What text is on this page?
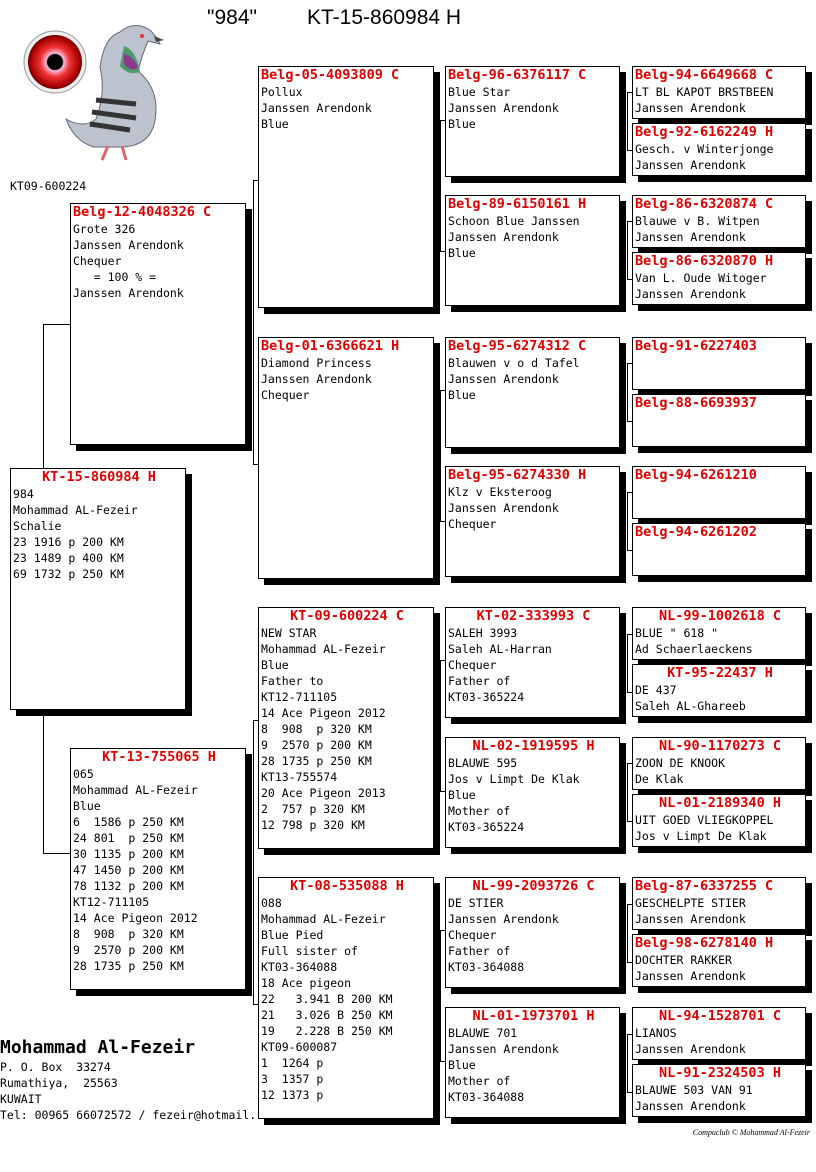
"984" KT-15-860984 H
KT09-600224
KT-15-860984 H
984
Mohammad AL-Fezeir
Schalie
23 1916 p 200 KM
23 1489 p 400 KM
69 1732 p 250 KM
Belg-12-4048326 C
Grote 326
Janssen Arendonk
Chequer
= 100 % =
Janssen Arendonk
KT-13-755065 H
065
Mohammad AL-Fezeir
Blue
6  1586 p 250 KM
24 801  p 250 KM
30 1135 p 200 KM
47 1450 p 200 KM
78 1132 p 200 KM
KT12-711105
14 Ace Pigeon 2012
8  908  p 320 KM
9  2570 p 200 KM
28 1735 p 250 KM
Belg-05-4093809 C
Pollux
Janssen Arendonk
Blue
Belg-01-6366621 H
Diamond Princess
Janssen Arendonk
Chequer
KT-09-600224 C
NEW STAR
Mohammad AL-Fezeir
Blue
Father to
KT12-711105
14 Ace Pigeon 2012
8  908  p 320 KM
9  2570 p 200 KM
28 1735 p 250 KM
KT13-755574
20 Ace Pigeon 2013
2  757 p 320 KM
12 798 p 320 KM
KT-08-535088 H
088
Mohammad AL-Fezeir
Blue Pied
Full sister of
KT03-364088
18 Ace pigeon
22   3.941 B 200 KM
21   3.026 B 250 KM
19   2.228 B 250 KM
KT09-600087
1  1264 p
3  1357 p
12 1373 p
Belg-96-6376117 C
Blue Star
Janssen Arendonk
Blue
Belg-89-6150161 H
Schoon Blue Janssen
Janssen Arendonk
Blue
Belg-95-6274312 C
Blauwen v o d Tafel
Janssen Arendonk
Blue
Belg-95-6274330 H
Klz v Eksteroog
Janssen Arendonk
Chequer
KT-02-333993 C
SALEH 3993
Saleh AL-Harran
Chequer
Father of
KT03-365224
NL-02-1919595 H
BLAUWE 595
Jos v Limpt De Klak
Blue
Mother of
KT03-365224
NL-99-2093726 C
DE STIER
Janssen Arendonk
Chequer
Father of
KT03-364088
NL-01-1973701 H
BLAUWE 701
Janssen Arendonk
Blue
Mother of
KT03-364088
Belg-94-6649668 C
LT BL KAPOT BRSTBEEN
Janssen Arendonk
Belg-92-6162249 H
Gesch. v Winterjonge
Janssen Arendonk
Belg-86-6320874 C
Blauwe v B. Witpen
Janssen Arendonk
Belg-86-6320870 H
Van L. Oude Witoger
Janssen Arendonk
Belg-91-6227403
Belg-88-6693937
Belg-94-6261210
Belg-94-6261202
NL-99-1002618 C
BLUE " 618 "
Ad Schaerlaeckens
KT-95-22437 H
DE 437
Saleh AL-Ghareeb
NL-90-1170273 C
ZOON DE KNOOK
De Klak
NL-01-2189340 H
UIT GOED VLIEGKOPPEL
Jos v Limpt De Klak
Belg-87-6337255 C
GESCHELPTE STIER
Janssen Arendonk
Belg-98-6278140 H
DOCHTER RAKKER
Janssen Arendonk
NL-94-1528701 C
LIANOS
Janssen Arendonk
NL-91-2324503 H
BLAUWE 503 VAN 91
Janssen Arendonk
Mohammad Al-Fezeir
P. O. Box  33274
Rumathiya,  25563
KUWAIT
Tel: 00965 66072572 / fezeir@hotmail.
Compuclub © Mohammad Al-Fezeir
